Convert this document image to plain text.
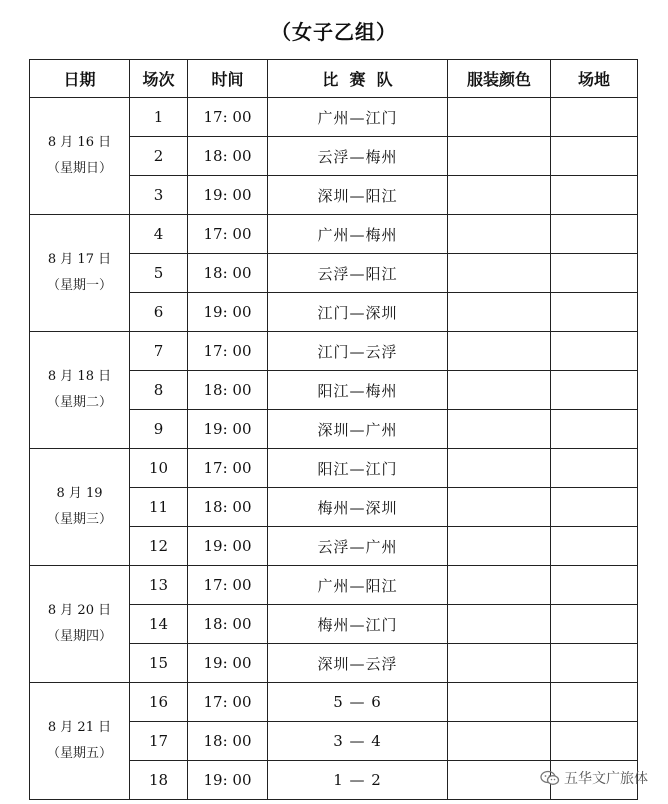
（女子乙组）
日期	场次	时间	比  赛  队	服装颜色	场地

8 月 16 日
（星期日）	1	17: 00	广州—江门		
	2	18: 00	云浮—梅州		
	3	19: 00	深圳—阳江		

8 月 17 日
（星期一）	4	17: 00	广州—梅州		
	5	18: 00	云浮—阳江		
	6	19: 00	江门—深圳		

8 月 18 日
（星期二）	7	17: 00	江门—云浮		
	8	18: 00	阳江—梅州		
	9	19: 00	深圳—广州		

8 月 19
（星期三）	10	17: 00	阳江—江门		
	11	18: 00	梅州—深圳		
	12	19: 00	云浮—广州		

8 月 20 日
（星期四）	13	17: 00	广州—阳江		
	14	18: 00	梅州—江门		
	15	19: 00	深圳—云浮		

8 月 21 日
（星期五）	16	17: 00	5 — 6		
	17	18: 00	3 — 4		
	18	19: 00	1 — 2			五华文广旅体
